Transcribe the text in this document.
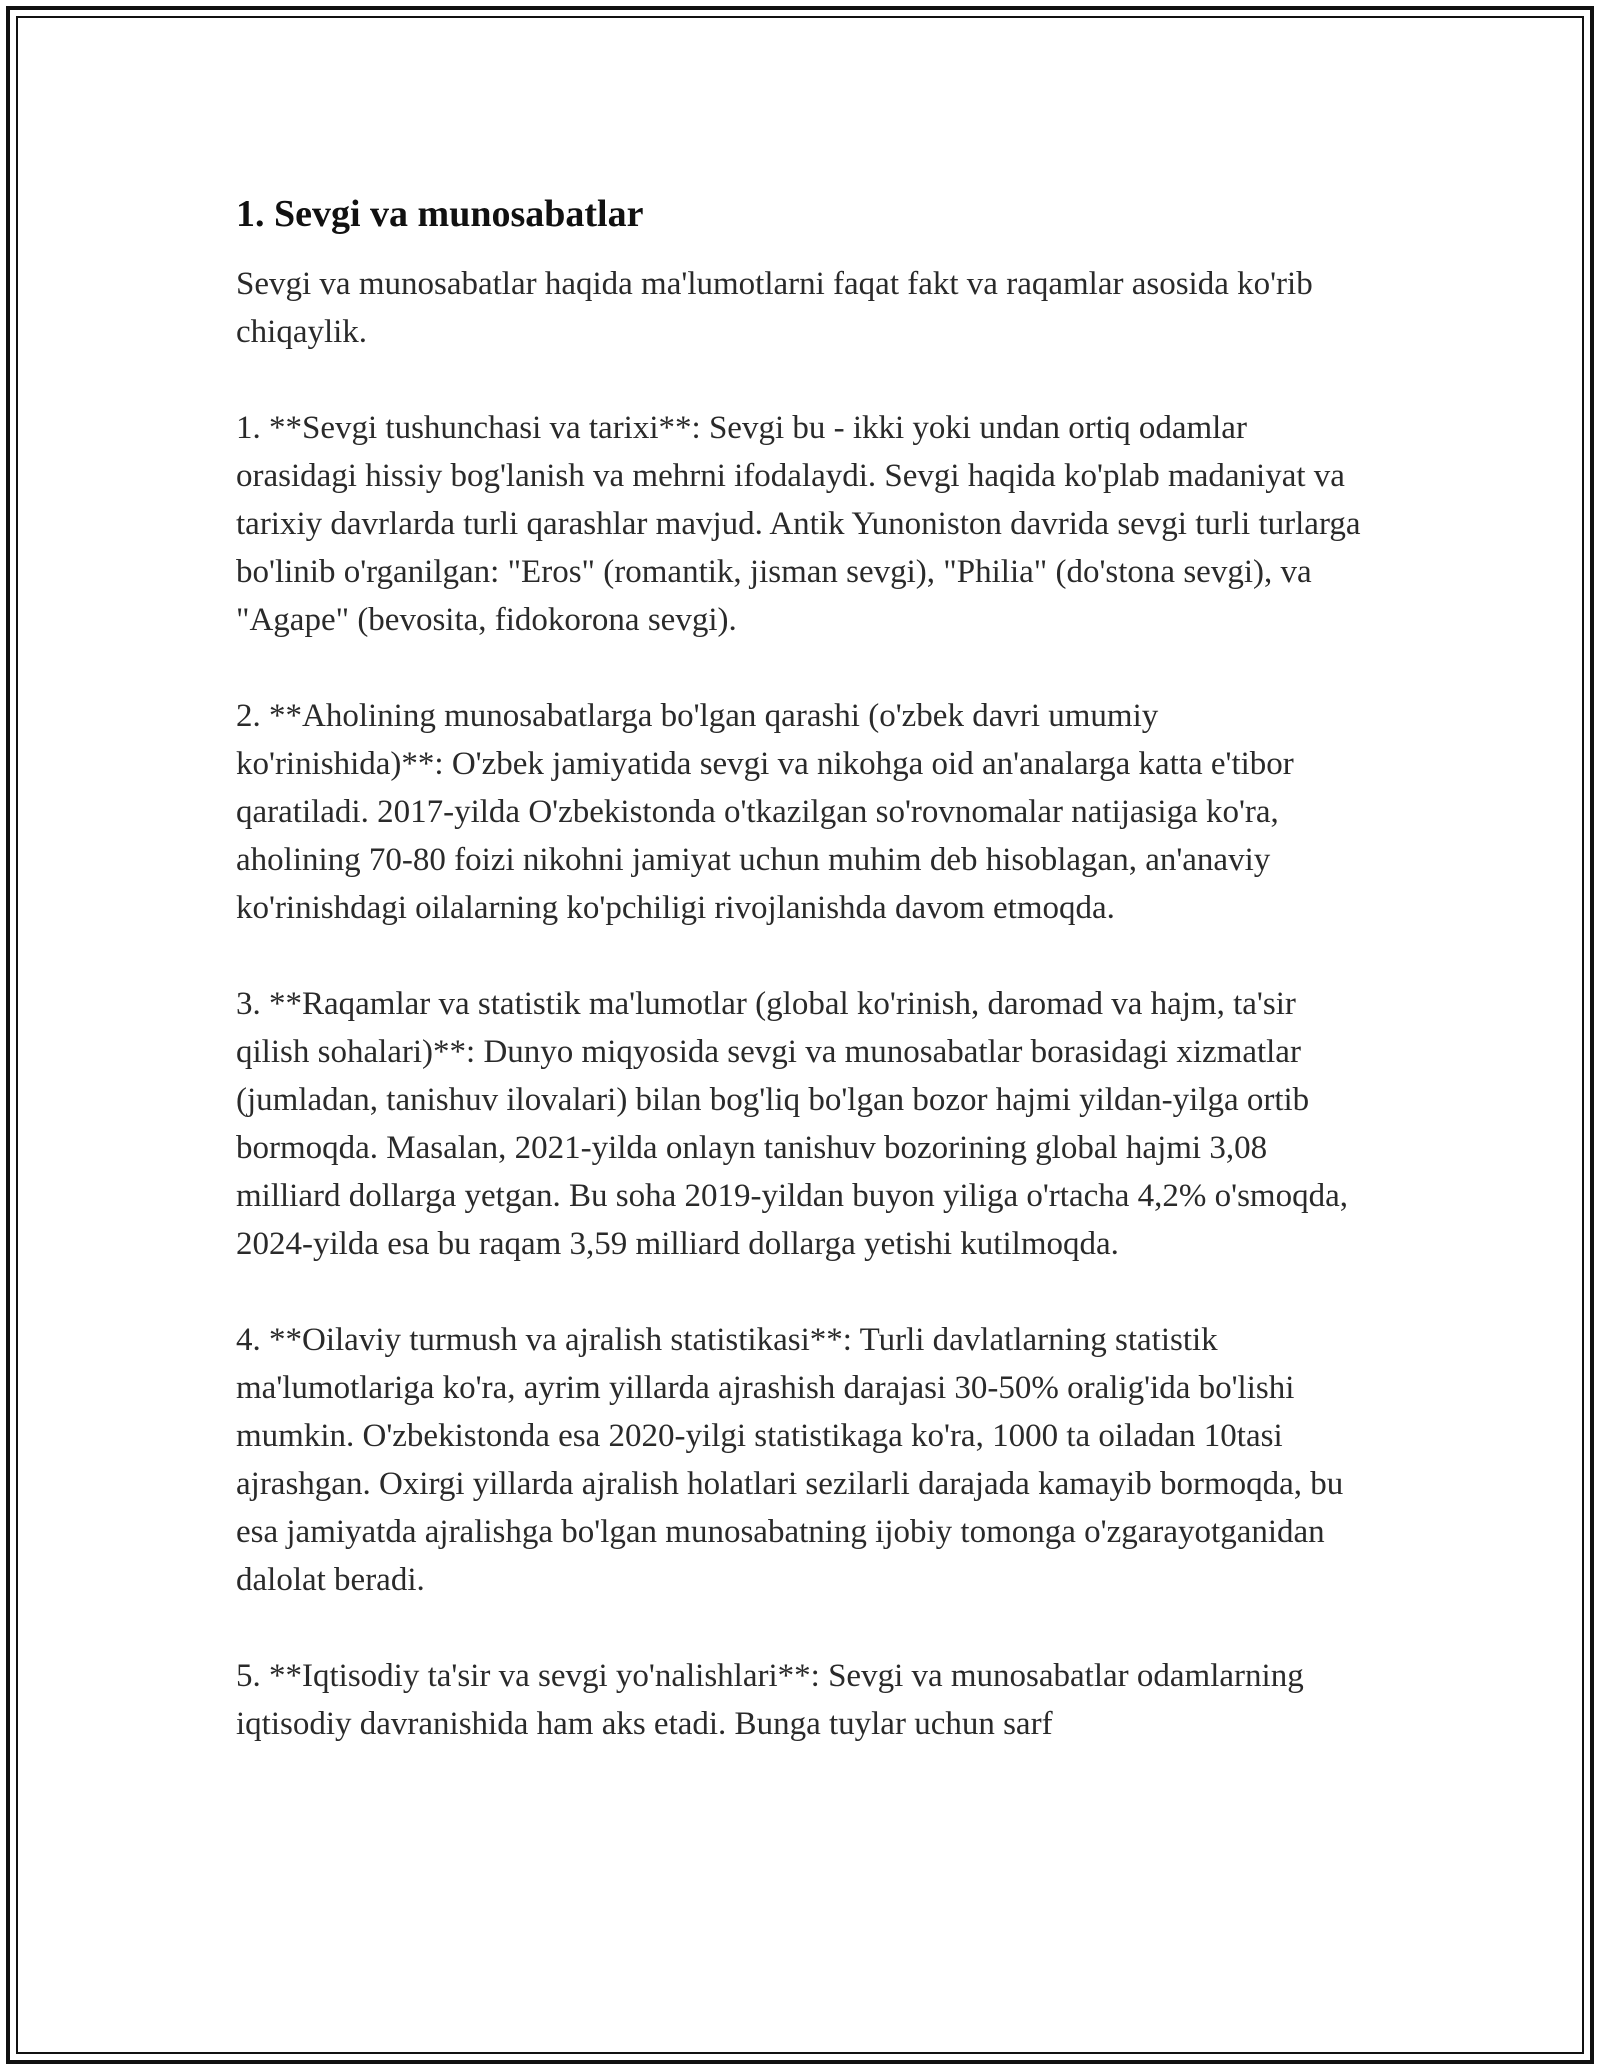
1. Sevgi va munosabatlar

Sevgi va munosabatlar haqida ma'lumotlarni faqat fakt va raqamlar asosida ko'rib chiqaylik.

1. **Sevgi tushunchasi va tarixi**: Sevgi bu - ikki yoki undan ortiq odamlar orasidagi hissiy bog'lanish va mehrni ifodalaydi. Sevgi haqida ko'plab madaniyat va tarixiy davrlarda turli qarashlar mavjud. Antik Yunoniston davrida sevgi turli turlarga bo'linib o'rganilgan: "Eros" (romantik, jisman sevgi), "Philia" (do'stona sevgi), va "Agape" (bevosita, fidokorona sevgi).

2. **Aholining munosabatlarga bo'lgan qarashi (o'zbek davri umumiy ko'rinishida)**: O'zbek jamiyatida sevgi va nikohga oid an'analarga katta e'tibor qaratiladi. 2017-yilda O'zbekistonda o'tkazilgan so'rovnomalar natijasiga ko'ra, aholining 70-80 foizi nikohni jamiyat uchun muhim deb hisoblagan, an'anaviy ko'rinishdagi oilalarning ko'pchiligi rivojlanishda davom etmoqda.

3. **Raqamlar va statistik ma'lumotlar (global ko'rinish, daromad va hajm, ta'sir qilish sohalari)**: Dunyo miqyosida sevgi va munosabatlar borasidagi xizmatlar (jumladan, tanishuv ilovalari) bilan bog'liq bo'lgan bozor hajmi yildan-yilga ortib bormoqda. Masalan, 2021-yilda onlayn tanishuv bozorining global hajmi 3,08 milliard dollarga yetgan. Bu soha 2019-yildan buyon yiliga o'rtacha 4,2% o'smoqda, 2024-yilda esa bu raqam 3,59 milliard dollarga yetishi kutilmoqda.

4. **Oilaviy turmush va ajralish statistikasi**: Turli davlatlarning statistik ma'lumotlariga ko'ra, ayrim yillarda ajrashish darajasi 30-50% oralig'ida bo'lishi mumkin. O'zbekistonda esa 2020-yilgi statistikaga ko'ra, 1000 ta oiladan 10tasi ajrashgan. Oxirgi yillarda ajralish holatlari sezilarli darajada kamayib bormoqda, bu esa jamiyatda ajralishga bo'lgan munosabatning ijobiy tomonga o'zgarayotganidan dalolat beradi.

5. **Iqtisodiy ta'sir va sevgi yo'nalishlari**: Sevgi va munosabatlar odamlarning iqtisodiy davranishida ham aks etadi. Bunga tuylar uchun sarf
